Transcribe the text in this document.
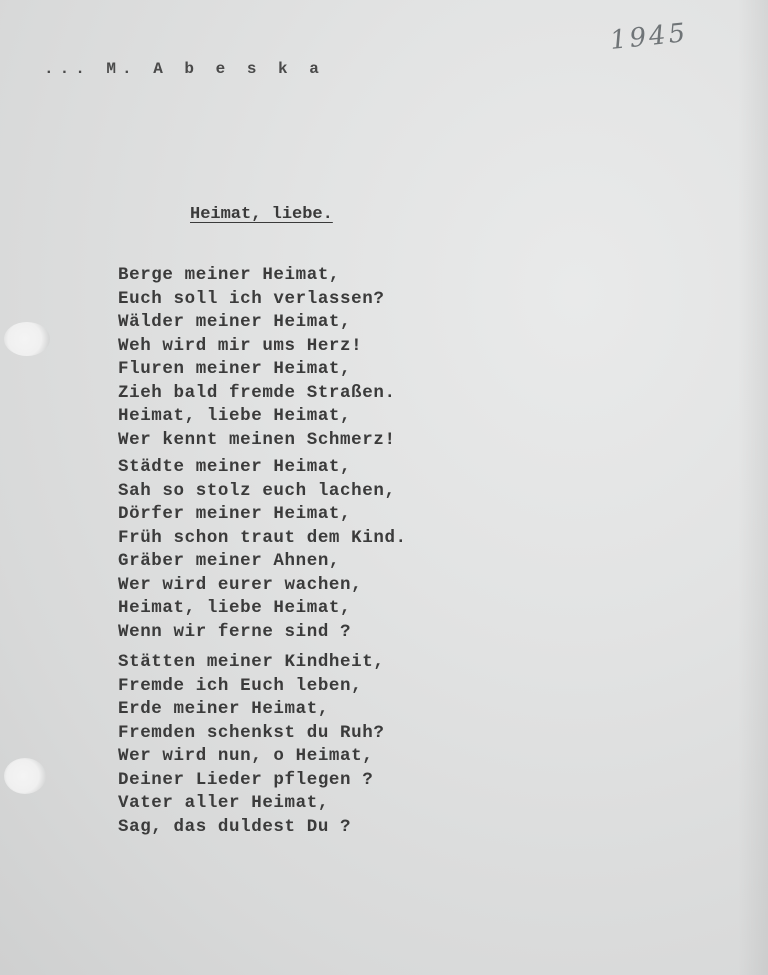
... M. A b e s k a
1945
Heimat, liebe.
Berge meiner Heimat,
Euch soll ich verlassen?
Wälder meiner Heimat,
Weh wird mir ums Herz!
Fluren meiner Heimat,
Zieh bald fremde Straßen.
Heimat, liebe Heimat,
Wer kennt meinen Schmerz!
Städte meiner Heimat,
Sah so stolz euch lachen,
Dörfer meiner Heimat,
Früh schon traut dem Kind.
Gräber meiner Ahnen,
Wer wird eurer wachen,
Heimat, liebe Heimat,
Wenn wir ferne sind ?
Stätten meiner Kindheit,
Fremde ich Euch leben,
Erde meiner Heimat,
Fremden schenkst du Ruh?
Wer wird nun, o Heimat,
Deiner Lieder pflegen ?
Vater aller Heimat,
Sag, das duldest Du ?
